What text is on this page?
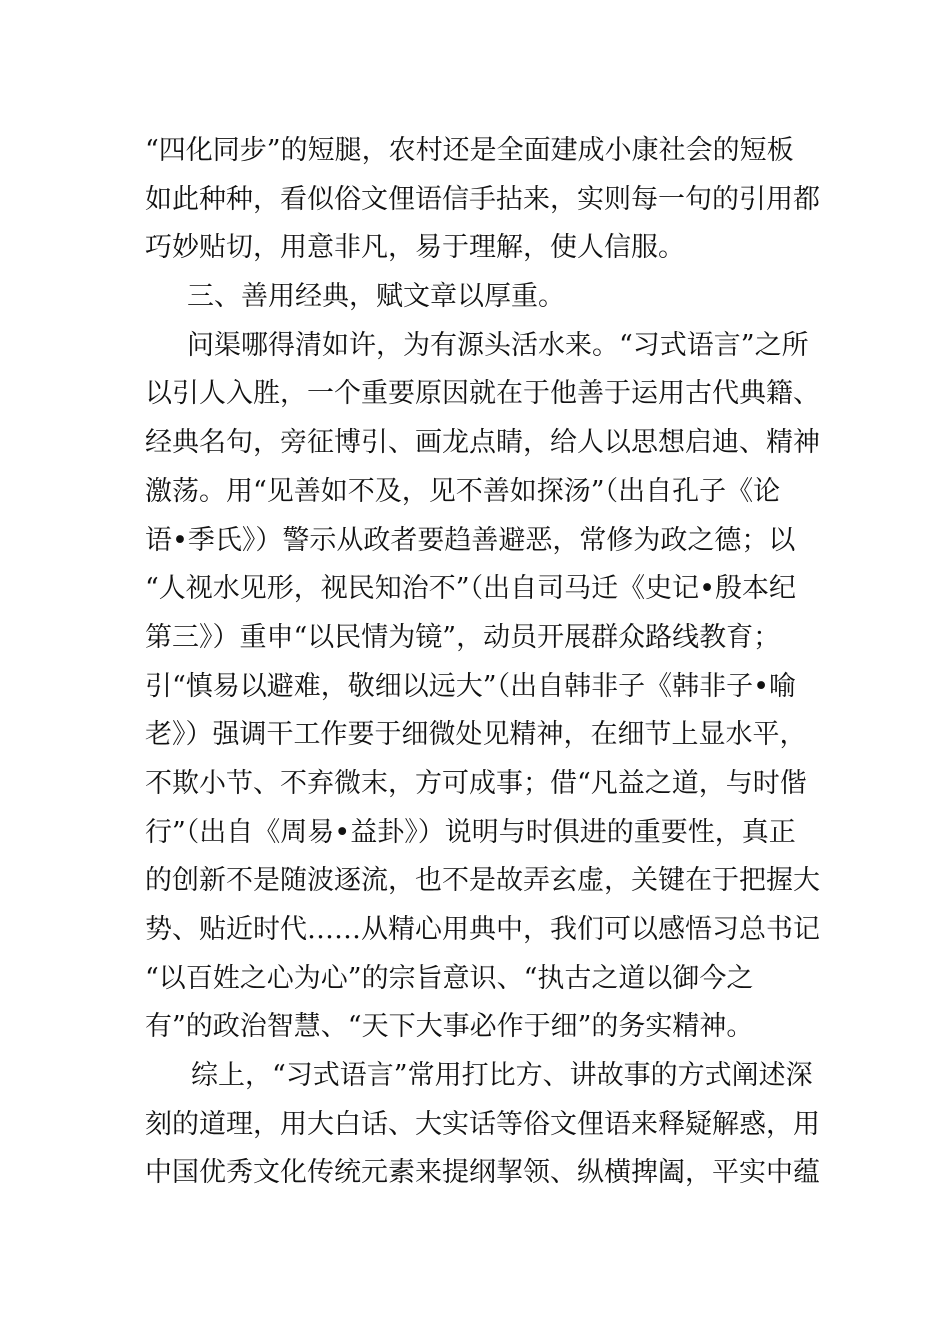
“四化同步”的短腿，农村还是全面建成小康社会的短板
如此种种，看似俗文俚语信手拈来，实则每一句的引用都
巧妙贴切，用意非凡，易于理解，使人信服。
三、善用经典，赋文章以厚重。
问渠哪得清如许，为有源头活水来。“习式语言”之所
以引人入胜，一个重要原因就在于他善于运用古代典籍、
经典名句，旁征博引、画龙点睛，给人以思想启迪、精神
激荡。用“见善如不及，见不善如探汤”（出自孔子《论
语•季氏》）警示从政者要趋善避恶，常修为政之德；以
“人视水见形，视民知治不”（出自司马迁《史记•殷本纪
第三》）重申“以民情为镜”，动员开展群众路线教育；
引“慎易以避难，敬细以远大”（出自韩非子《韩非子•喻
老》）强调干工作要于细微处见精神，在细节上显水平，
不欺小节、不弃微末，方可成事；借“凡益之道，与时偕
行”（出自《周易•益卦》）说明与时俱进的重要性，真正
的创新不是随波逐流，也不是故弄玄虚，关键在于把握大
势、贴近时代……从精心用典中，我们可以感悟习总书记
“以百姓之心为心”的宗旨意识、“执古之道以御今之
有”的政治智慧、“天下大事必作于细”的务实精神。
综上，“习式语言”常用打比方、讲故事的方式阐述深
刻的道理，用大白话、大实话等俗文俚语来释疑解惑，用
中国优秀文化传统元素来提纲挈领、纵横捭阖，平实中蕴
